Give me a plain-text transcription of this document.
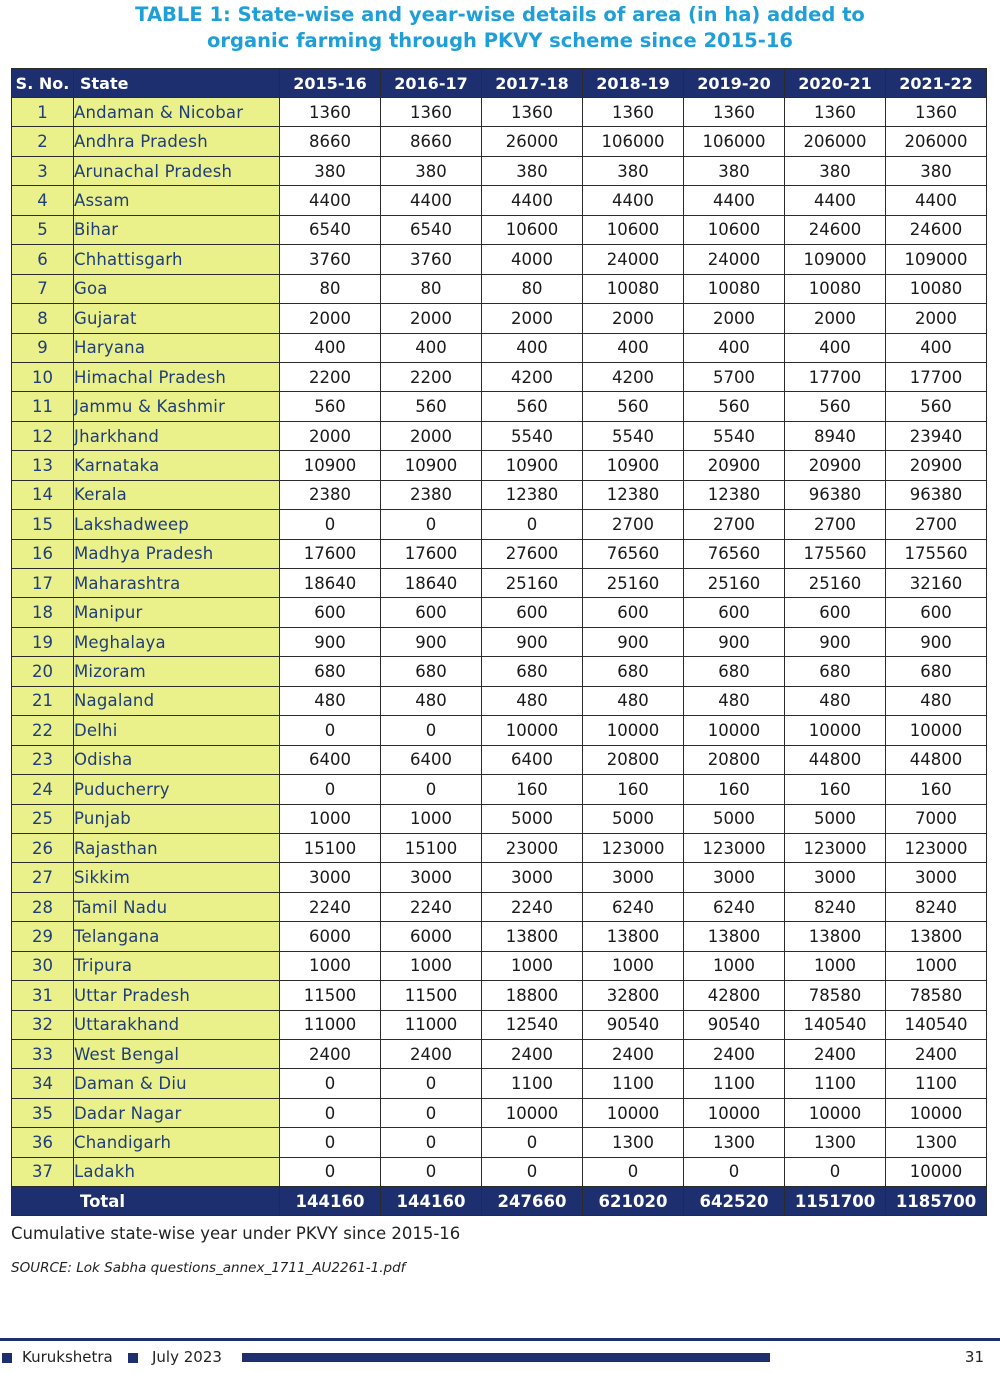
TABLE 1: State-wise and year-wise details of area (in ha) added to
organic farming through PKVY scheme since 2015-16
S. No.	State	2015-16	2016-17	2017-18	2018-19	2019-20	2020-21	2021-22
1	Andaman & Nicobar	1360	1360	1360	1360	1360	1360	1360
2	Andhra Pradesh	8660	8660	26000	106000	106000	206000	206000
3	Arunachal Pradesh	380	380	380	380	380	380	380
4	Assam	4400	4400	4400	4400	4400	4400	4400
5	Bihar	6540	6540	10600	10600	10600	24600	24600
6	Chhattisgarh	3760	3760	4000	24000	24000	109000	109000
7	Goa	80	80	80	10080	10080	10080	10080
8	Gujarat	2000	2000	2000	2000	2000	2000	2000
9	Haryana	400	400	400	400	400	400	400
10	Himachal Pradesh	2200	2200	4200	4200	5700	17700	17700
11	Jammu & Kashmir	560	560	560	560	560	560	560
12	Jharkhand	2000	2000	5540	5540	5540	8940	23940
13	Karnataka	10900	10900	10900	10900	20900	20900	20900
14	Kerala	2380	2380	12380	12380	12380	96380	96380
15	Lakshadweep	0	0	0	2700	2700	2700	2700
16	Madhya Pradesh	17600	17600	27600	76560	76560	175560	175560
17	Maharashtra	18640	18640	25160	25160	25160	25160	32160
18	Manipur	600	600	600	600	600	600	600
19	Meghalaya	900	900	900	900	900	900	900
20	Mizoram	680	680	680	680	680	680	680
21	Nagaland	480	480	480	480	480	480	480
22	Delhi	0	0	10000	10000	10000	10000	10000
23	Odisha	6400	6400	6400	20800	20800	44800	44800
24	Puducherry	0	0	160	160	160	160	160
25	Punjab	1000	1000	5000	5000	5000	5000	7000
26	Rajasthan	15100	15100	23000	123000	123000	123000	123000
27	Sikkim	3000	3000	3000	3000	3000	3000	3000
28	Tamil Nadu	2240	2240	2240	6240	6240	8240	8240
29	Telangana	6000	6000	13800	13800	13800	13800	13800
30	Tripura	1000	1000	1000	1000	1000	1000	1000
31	Uttar Pradesh	11500	11500	18800	32800	42800	78580	78580
32	Uttarakhand	11000	11000	12540	90540	90540	140540	140540
33	West Bengal	2400	2400	2400	2400	2400	2400	2400
34	Daman & Diu	0	0	1100	1100	1100	1100	1100
35	Dadar Nagar	0	0	10000	10000	10000	10000	10000
36	Chandigarh	0	0	0	1300	1300	1300	1300
37	Ladakh	0	0	0	0	0	0	10000
Total		144160	144160	247660	621020	642520	1151700	1185700
Cumulative state-wise year under PKVY since 2015-16
SOURCE: Lok Sabha questions_annex_1711_AU2261-1.pdf
Kurukshetra	July 2023	31
